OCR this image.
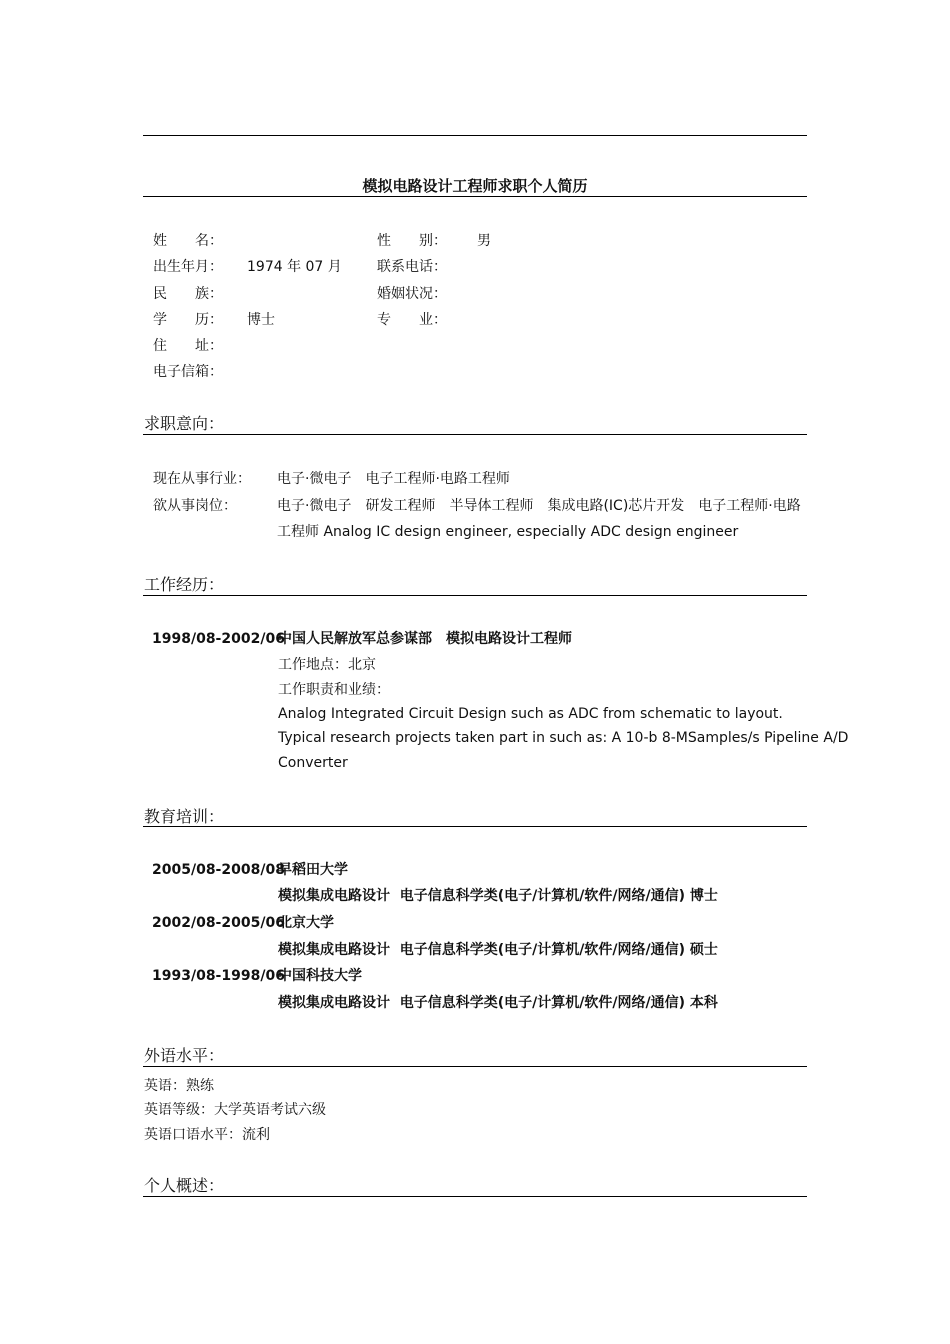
模拟电路设计工程师求职个人简历
姓　　名：	性　　别： 男
出生年月： 1974 年 07 月	联系电话：
民　　族：	婚姻状况：
学　　历： 博士	专　　业：
住　　址：
电子信箱：
求职意向：
现在从事行业： 电子·微电子　电子工程师·电路工程师
欲从事岗位：	电子·微电子　研发工程师　半导体工程师　集成电路(IC)芯片开发　电子工程师·电路
工程师 Analog IC design engineer, especially ADC design engineer
工作经历：
1998/08-2002/06
中国人民解放军总参谋部　模拟电路设计工程师
工作地点：北京
工作职责和业绩：
Analog Integrated Circuit Design such as ADC from schematic to layout.
Typical research projects taken part in such as: A 10-b 8-MSamples/s Pipeline A/D
Converter
教育培训：
2005/08-2008/08
早稻田大学
模拟集成电路设计  电子信息科学类(电子/计算机/软件/网络/通信) 博士
2002/08-2005/06
北京大学
模拟集成电路设计  电子信息科学类(电子/计算机/软件/网络/通信) 硕士
1993/08-1998/06
中国科技大学
模拟集成电路设计  电子信息科学类(电子/计算机/软件/网络/通信) 本科
外语水平：
英语：熟练
英语等级：大学英语考试六级
英语口语水平：流利
个人概述：
